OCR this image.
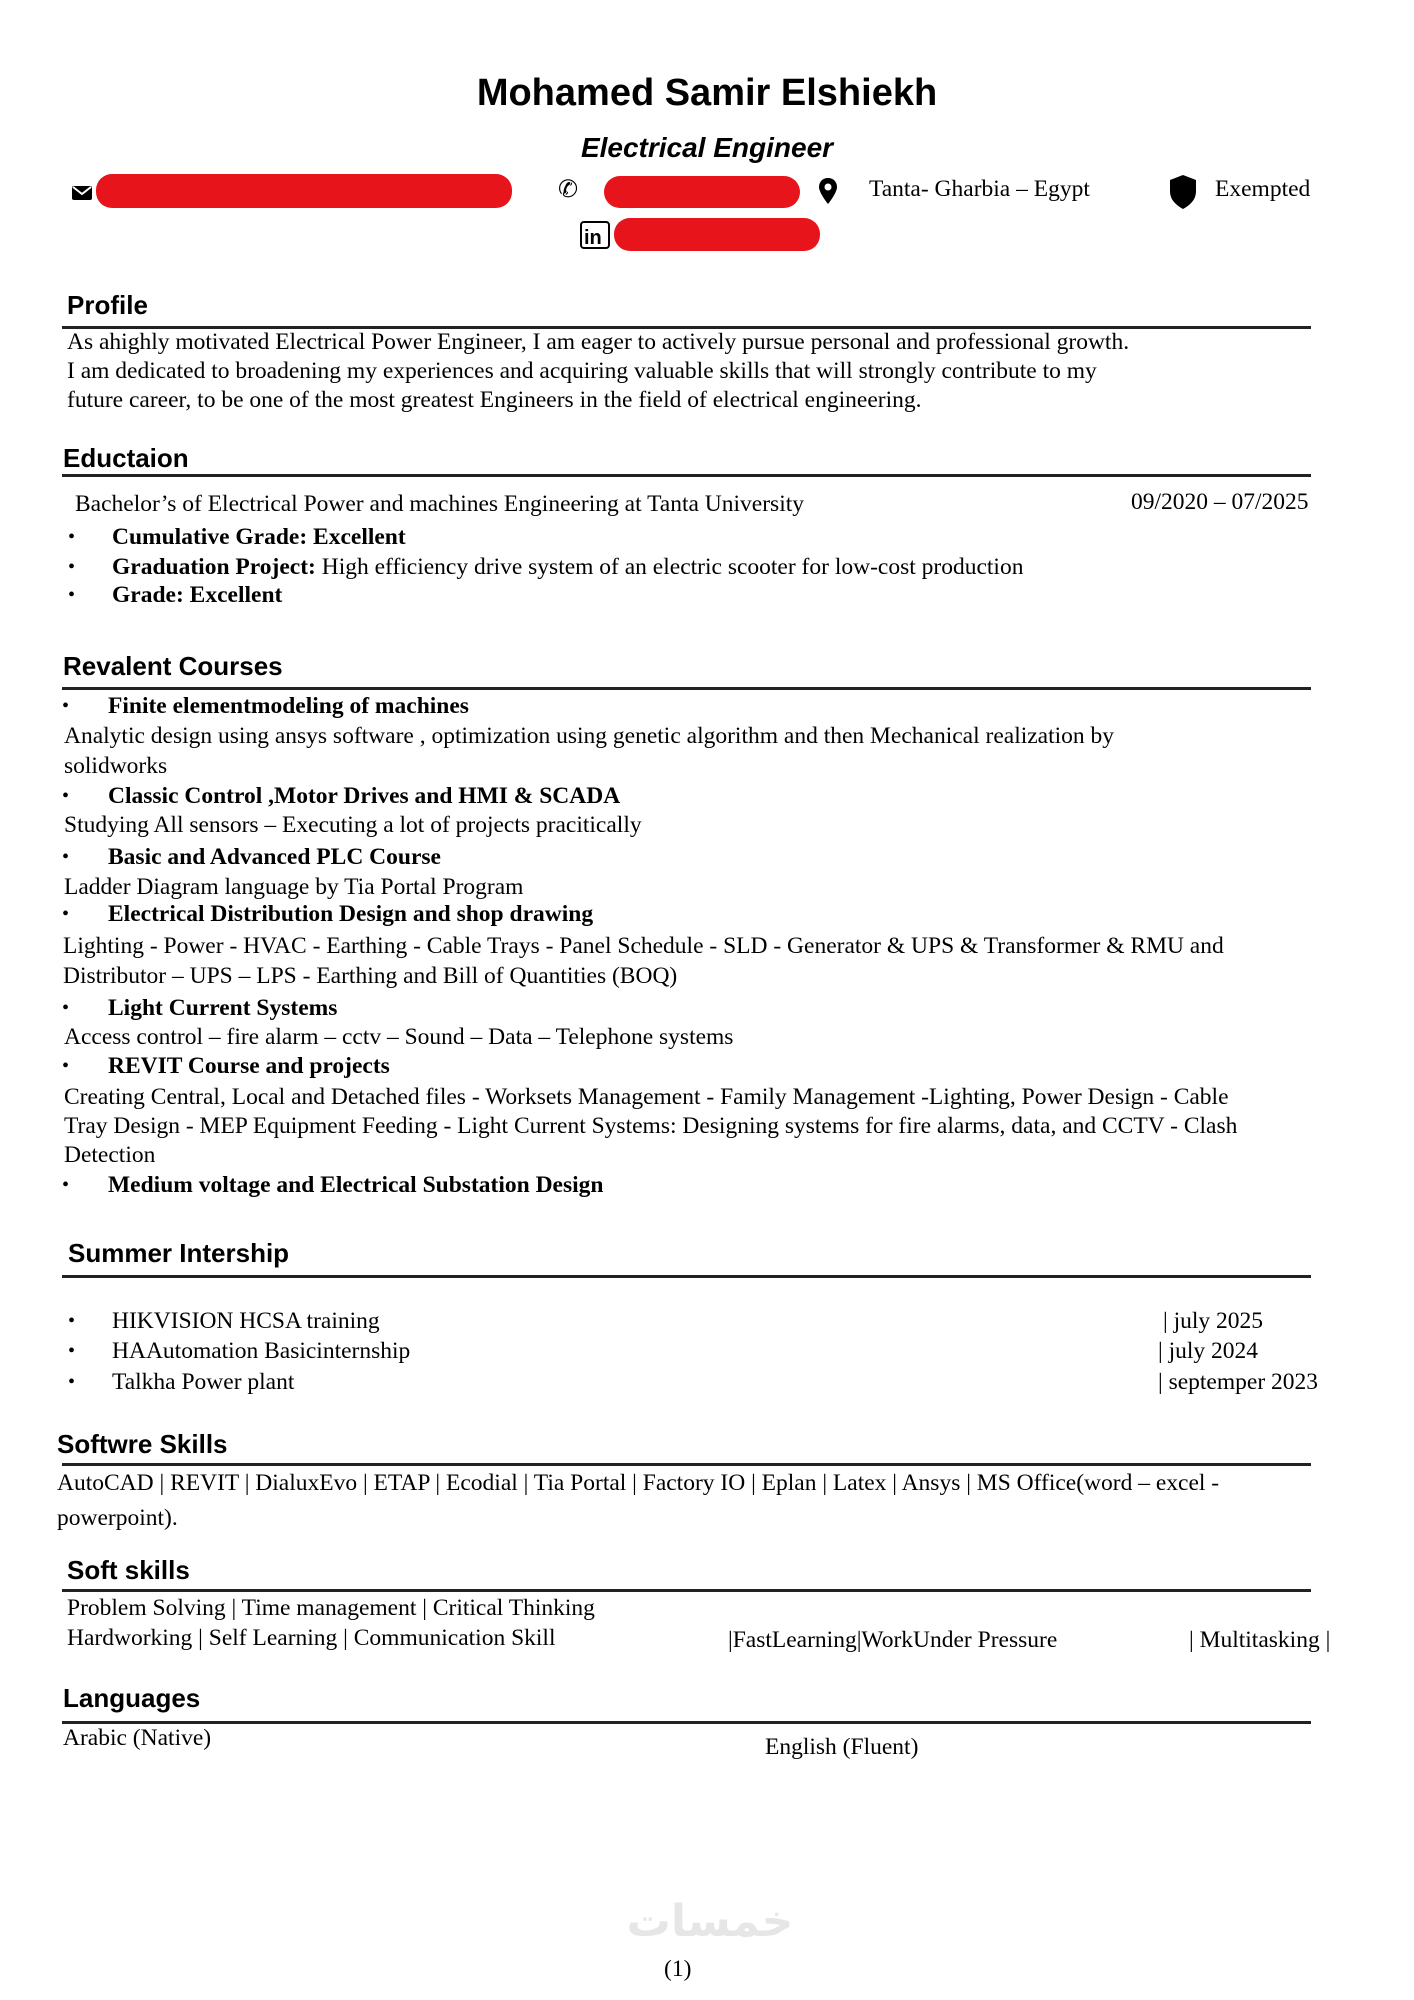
Mohamed Samir Elshiekh
Electrical Engineer
✆	Tanta- Gharbia – Egypt	Exempted
in
Profile
As ahighly motivated Electrical Power Engineer, I am eager to actively pursue personal and professional growth.
I am dedicated to broadening my experiences and acquiring valuable skills that will strongly contribute to my
future career, to be one of the most greatest Engineers in the field of electrical engineering.
Eductaion
Bachelor’s of Electrical Power and machines Engineering at Tanta University	09/2020 – 07/2025
• Cumulative Grade: Excellent
• Graduation Project: High efficiency drive system of an electric scooter for low-cost production
• Grade: Excellent
Revalent Courses
• Finite elementmodeling of machines
Analytic design using ansys software , optimization using genetic algorithm and then Mechanical realization by
solidworks
• Classic Control ,Motor Drives and HMI & SCADA
Studying All sensors – Executing a lot of projects pracitically
• Basic and Advanced PLC Course
Ladder Diagram language by Tia Portal Program
• Electrical Distribution Design and shop drawing
Lighting - Power - HVAC - Earthing - Cable Trays - Panel Schedule - SLD - Generator & UPS & Transformer & RMU and
Distributor – UPS – LPS - Earthing and Bill of Quantities (BOQ)
• Light Current Systems
Access control – fire alarm – cctv – Sound – Data – Telephone systems
• REVIT Course and projects
Creating Central, Local and Detached files - Worksets Management - Family Management -Lighting, Power Design - Cable
Tray Design - MEP Equipment Feeding - Light Current Systems: Designing systems for fire alarms, data, and CCTV - Clash
Detection
• Medium voltage and Electrical Substation Design
Summer Intership
• HIKVISION HCSA training	| july 2025
• HAAutomation Basicinternship	| july 2024
• Talkha Power plant	| septemper 2023
Softwre Skills
AutoCAD | REVIT | DialuxEvo | ETAP | Ecodial | Tia Portal | Factory IO | Eplan | Latex | Ansys | MS Office(word – excel -
powerpoint).
Soft skills
Problem Solving | Time management | Critical Thinking
Hardworking | Self Learning | Communication Skill	|FastLearning|WorkUnder Pressure	| Multitasking |
Languages
Arabic (Native)	English (Fluent)
خمسات
(1)
